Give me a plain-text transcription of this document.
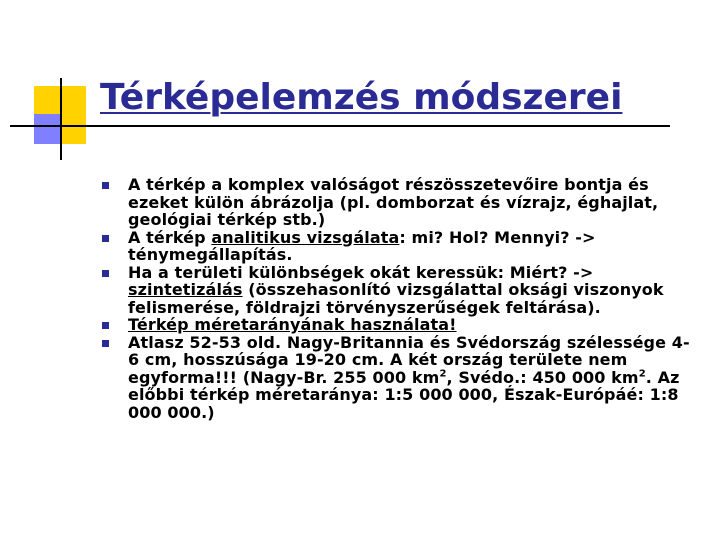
Térképelemzés módszerei
A térkép a komplex valóságot részösszetevőire bontja és ezeket külön ábrázolja (pl. domborzat és vízrajz, éghajlat, geológiai térkép stb.)
A térkép analitikus vizsgálata: mi? Hol? Mennyi? -> ténymegállapítás.
Ha a területi különbségek okát keressük: Miért? -> szintetizálás (összehasonlító vizsgálattal oksági viszonyok felismerése, földrajzi törvényszerűségek feltárása).
Térkép méretarányának használata!
Atlasz 52-53 old. Nagy-Britannia és Svédország szélessége 4-6 cm, hosszúsága 19-20 cm. A két ország területe nem egyforma!!! (Nagy-Br. 255 000 $km^2$, Svédo.: 450 000 $km^2$. Az előbbi térkép méretaránya: 1:5 000 000, Észak-Európáé: 1:8 000 000.)
